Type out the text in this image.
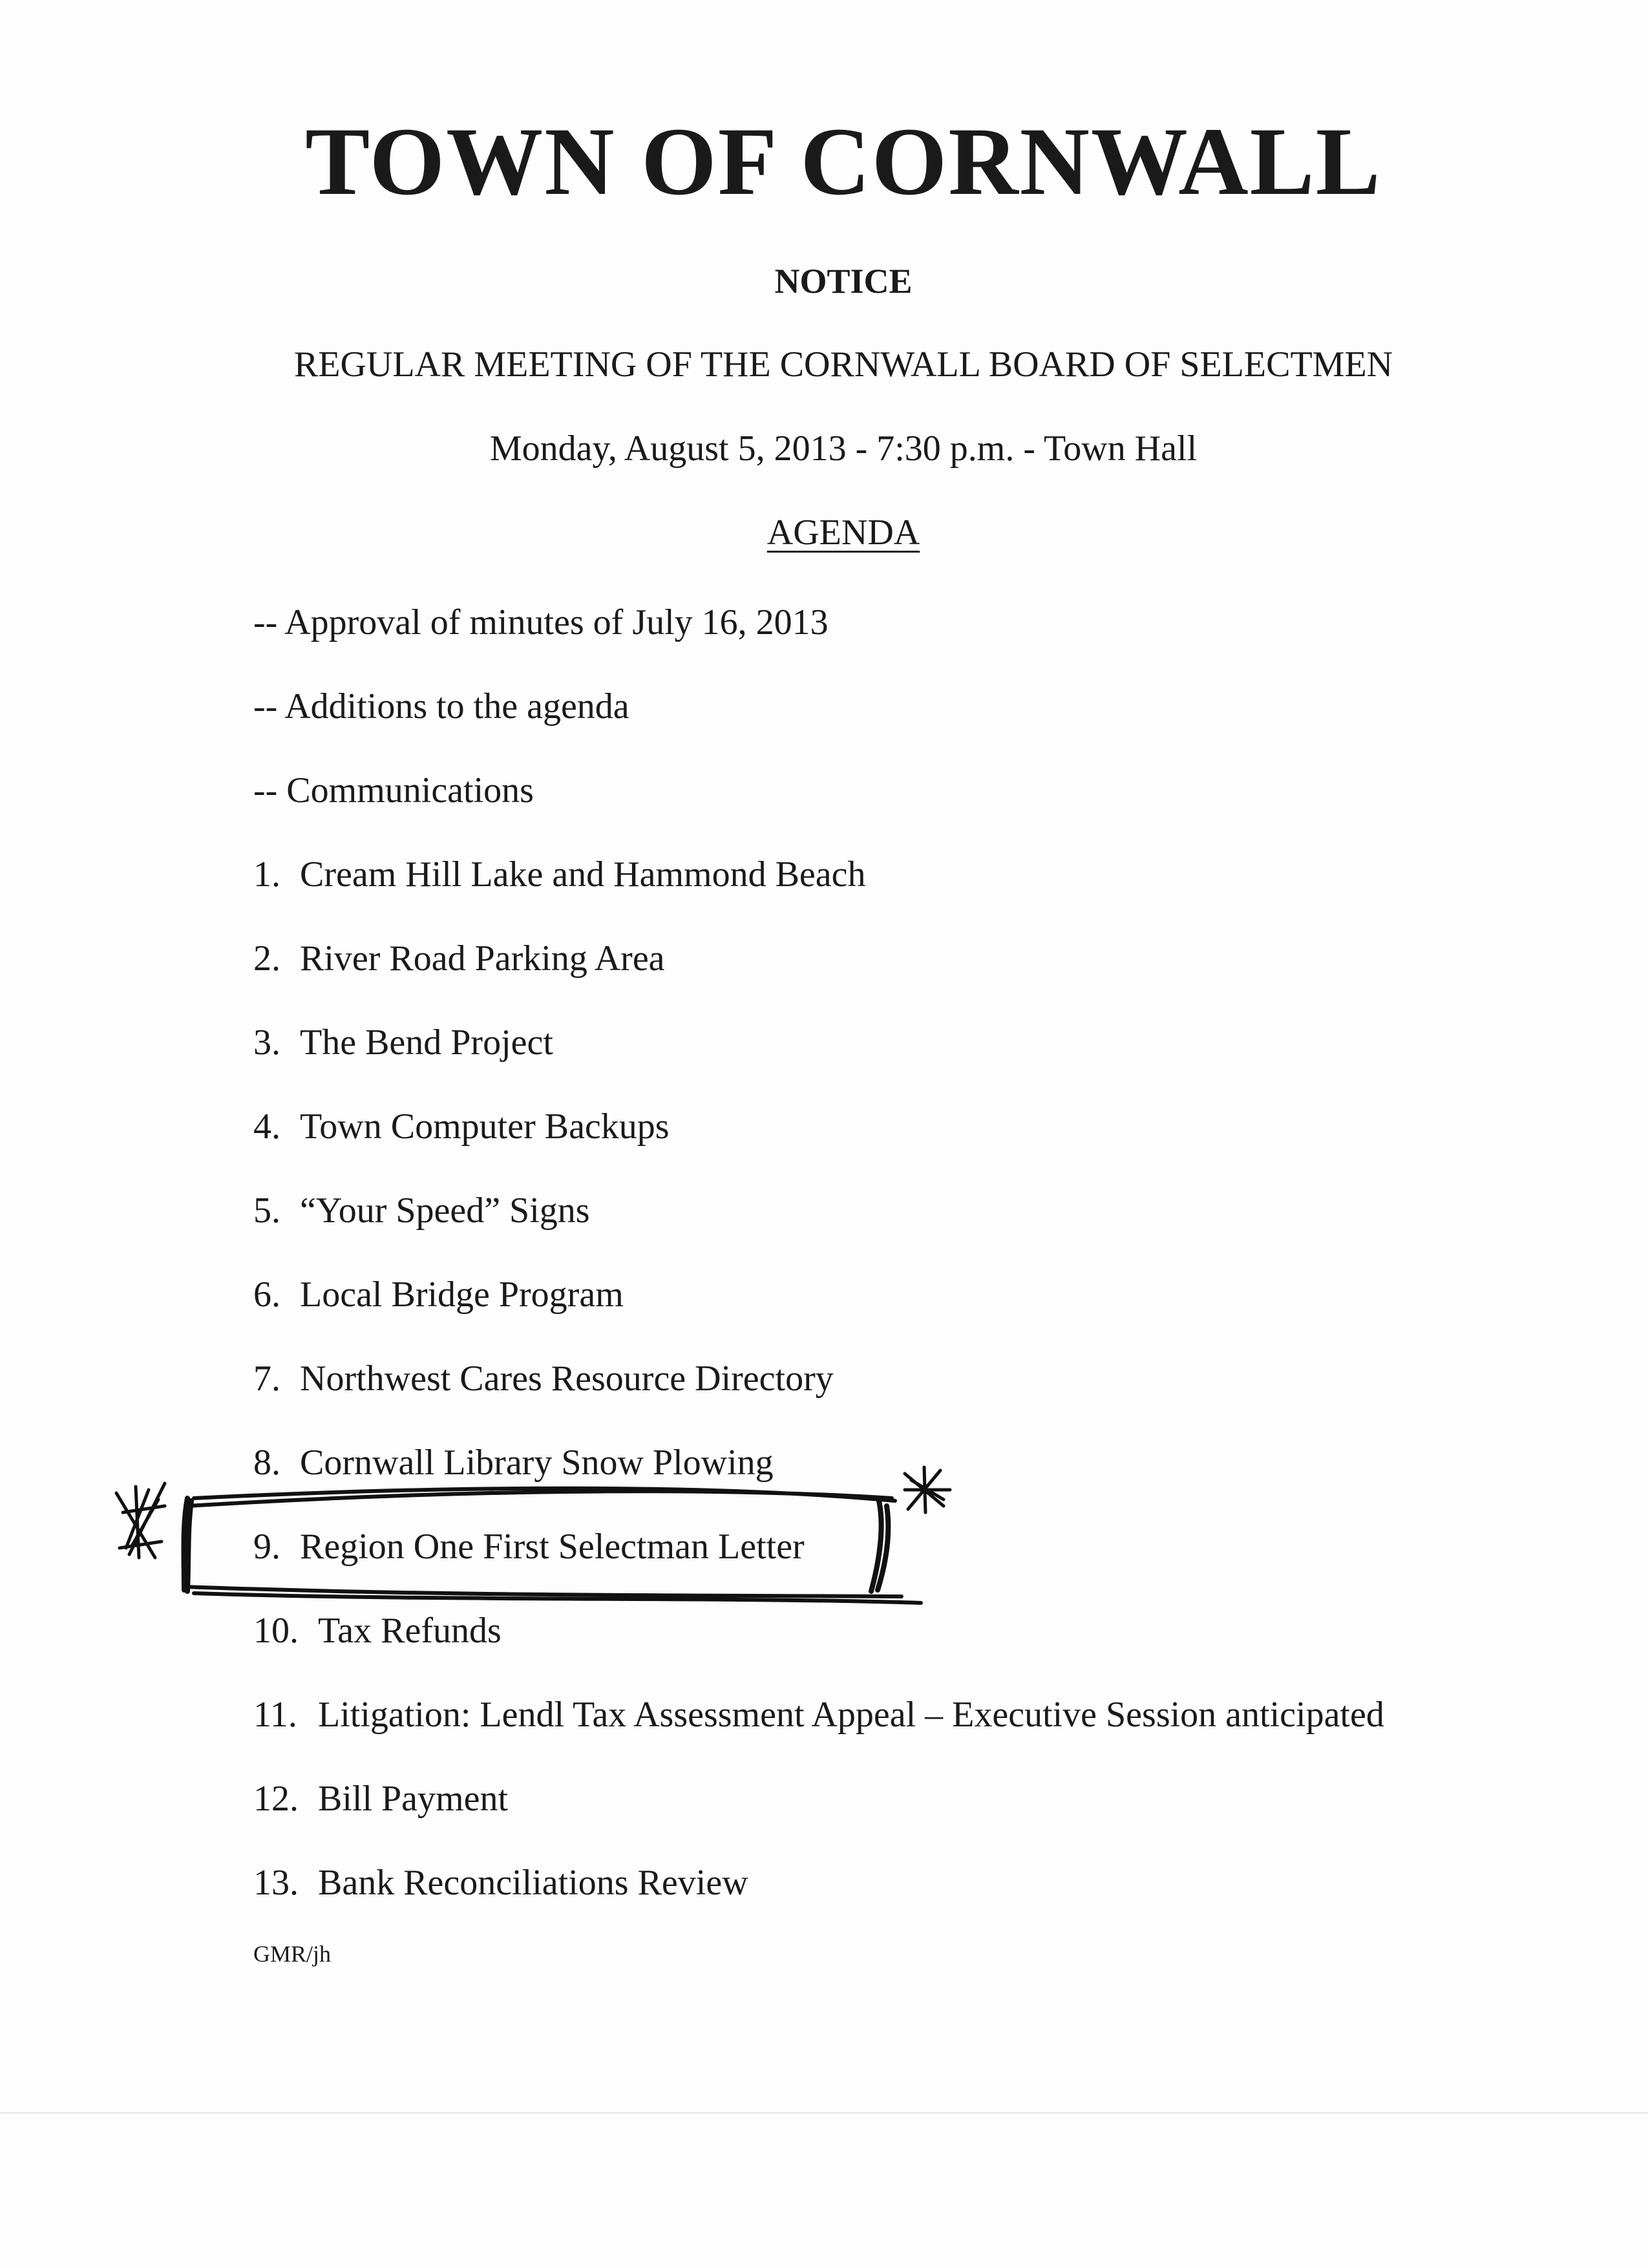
TOWN OF CORNWALL
NOTICE
REGULAR MEETING OF THE CORNWALL BOARD OF SELECTMEN
Monday, August 5, 2013 - 7:30 p.m. - Town Hall
AGENDA
-- Approval of minutes of July 16, 2013
-- Additions to the agenda
-- Communications
1. Cream Hill Lake and Hammond Beach
2. River Road Parking Area
3. The Bend Project
4. Town Computer Backups
5. “Your Speed” Signs
6. Local Bridge Program
7. Northwest Cares Resource Directory
8. Cornwall Library Snow Plowing
9. Region One First Selectman Letter
10. Tax Refunds
11. Litigation: Lendl Tax Assessment Appeal – Executive Session anticipated
12. Bill Payment
13. Bank Reconciliations Review
GMR/jh
